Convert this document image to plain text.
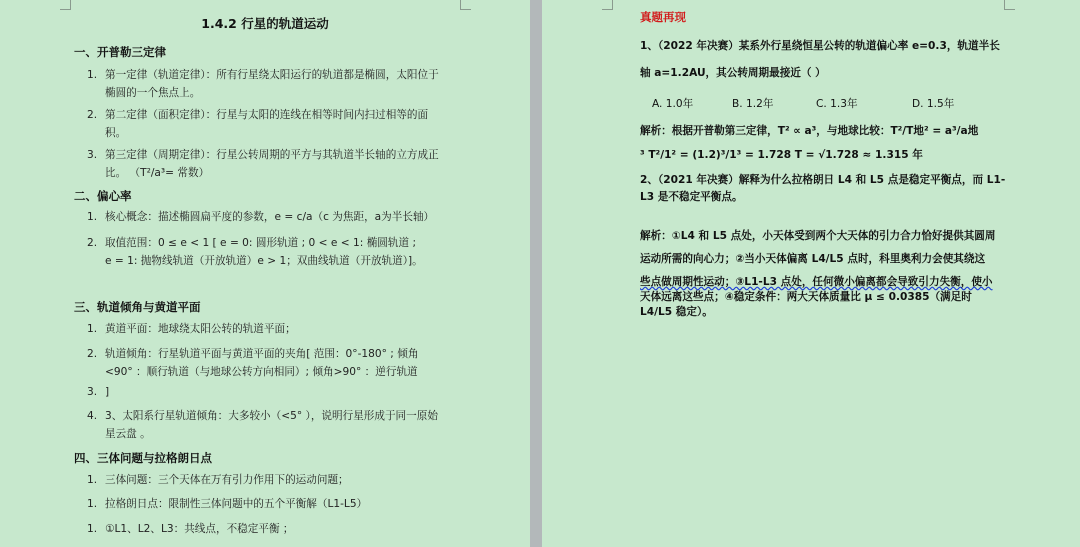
1.4.2 行星的轨道运动
一、开普勒三定律
1. 第一定律（轨道定律）：所有行星绕太阳运行的轨道都是椭圆，太阳位于
椭圆的一个焦点上。
2. 第二定律（面积定律）：行星与太阳的连线在相等时间内扫过相等的面
积。
3. 第三定律（周期定律）：行星公转周期的平方与其轨道半长轴的立方成正
比。 （T²/a³= 常数）
二、偏心率
1. 核心概念：描述椭圆扁平度的参数，e = c/a（c 为焦距，a为半长轴）
2. 取值范围：0 ≤ e < 1 [ e = 0: 圆形轨道 ; 0 < e < 1: 椭圆轨道 ;
e = 1: 抛物线轨道（开放轨道）e > 1；双曲线轨道（开放轨道）]。
三、轨道倾角与黄道平面
1. 黄道平面：地球绕太阳公转的轨道平面；
2. 轨道倾角：行星轨道平面与黄道平面的夹角[ 范围：0°-180° ; 倾角
<90° ：顺行轨道（与地球公转方向相同）; 倾角>90° ：逆行轨道
3. ]
4. 3、太阳系行星轨道倾角：大多较小（<5° ），说明行星形成于同一原始
星云盘 。
四、三体问题与拉格朗日点
1. 三体问题：三个天体在万有引力作用下的运动问题；
1. 拉格朗日点：限制性三体问题中的五个平衡解（L1-L5）
1. ①L1、L2、L3：共线点，不稳定平衡 ；
真题再现
1、（2022 年决赛）某系外行星绕恒星公转的轨道偏心率 e=0.3，轨道半长
轴 a=1.2AU，其公转周期最接近（ ）
A. 1.0年	B. 1.2年	C. 1.3年	D. 1.5年
解析：根据开普勒第三定律，T² ∝ a³，与地球比较：T²/T地² = a³/a地
³ T²/1² = (1.2)³/1³ = 1.728 T = √1.728 ≈ 1.315 年
2、（2021 年决赛）解释为什么拉格朗日 L4 和 L5 点是稳定平衡点，而 L1-
L3 是不稳定平衡点。
解析：①L4 和 L5 点处，小天体受到两个大天体的引力合力恰好提供其圆周
运动所需的向心力；②当小天体偏离 L4/L5 点时，科里奥利力会使其绕这
些点做周期性运动；③L1-L3 点处，任何微小偏离都会导致引力失衡，使小
天体远离这些点；④稳定条件：两大天体质量比 μ ≤ 0.0385（满足时
L4/L5 稳定）。
